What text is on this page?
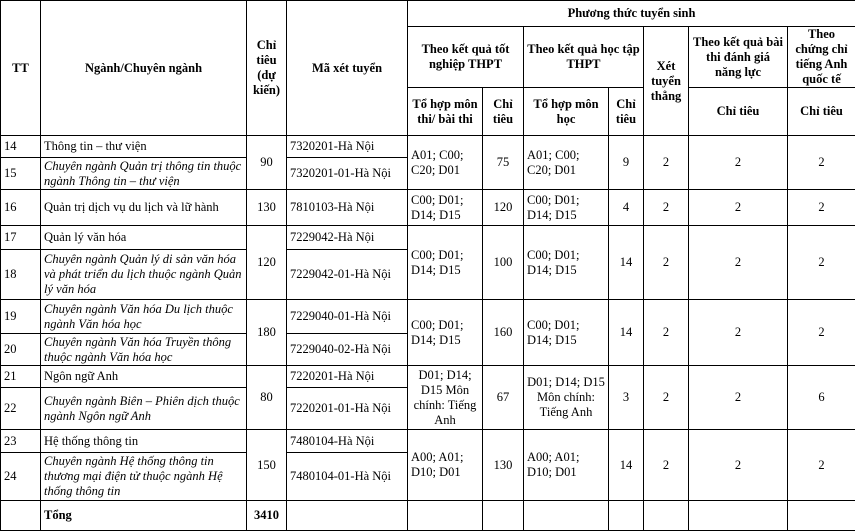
TT	Ngành/Chuyên ngành	Chỉ tiêu (dự kiến)	Mã xét tuyển	Phương thức tuyển sinh						
				Theo kết quả tốt nghiệp THPT		Theo kết quả học tập THPT		Xét tuyển thẳng	Theo kết quả bài thi đánh giá năng lực	Theo chứng chỉ tiếng Anh quốc tế
				Tổ hợp môn thi/ bài thi	Chỉ tiêu	Tổ hợp môn học	Chỉ tiêu		Chỉ tiêu	Chỉ tiêu
14	Thông tin – thư viện	90	7320201-Hà Nội	A01; C00; C20; D01	75	A01; C00; C20; D01	9	2	2	2
15	Chuyên ngành Quản trị thông tin thuộc ngành Thông tin – thư viện		7320201-01-Hà Nội							
16	Quản trị dịch vụ du lịch và lữ hành	130	7810103-Hà Nội	C00; D01; D14; D15	120	C00; D01; D14; D15	4	2	2	2
17	Quản lý văn hóa	120	7229042-Hà Nội	C00; D01; D14; D15	100	C00; D01; D14; D15	14	2	2	2
18	Chuyên ngành Quản lý di sản văn hóa và phát triển du lịch thuộc ngành Quản lý văn hóa		7229042-01-Hà Nội							
19	Chuyên ngành Văn hóa Du lịch thuộc ngành Văn hóa học	180	7229040-01-Hà Nội	C00; D01; D14; D15	160	C00; D01; D14; D15	14	2	2	2
20	Chuyên ngành Văn hóa Truyền thông thuộc ngành Văn hóa học		7229040-02-Hà Nội							
21	Ngôn ngữ Anh	80	7220201-Hà Nội	D01; D14; D15 Môn chính: Tiếng Anh	67	D01; D14; D15 Môn chính: Tiếng Anh	3	2	2	6
22	Chuyên ngành Biên – Phiên dịch thuộc ngành Ngôn ngữ Anh		7220201-01-Hà Nội							
23	Hệ thống thông tin	150	7480104-Hà Nội	A00; A01; D10; D01	130	A00; A01; D10; D01	14	2	2	2
24	Chuyên ngành Hệ thống thông tin thương mại điện tử thuộc ngành Hệ thống thông tin		7480104-01-Hà Nội							
	Tổng	3410								
